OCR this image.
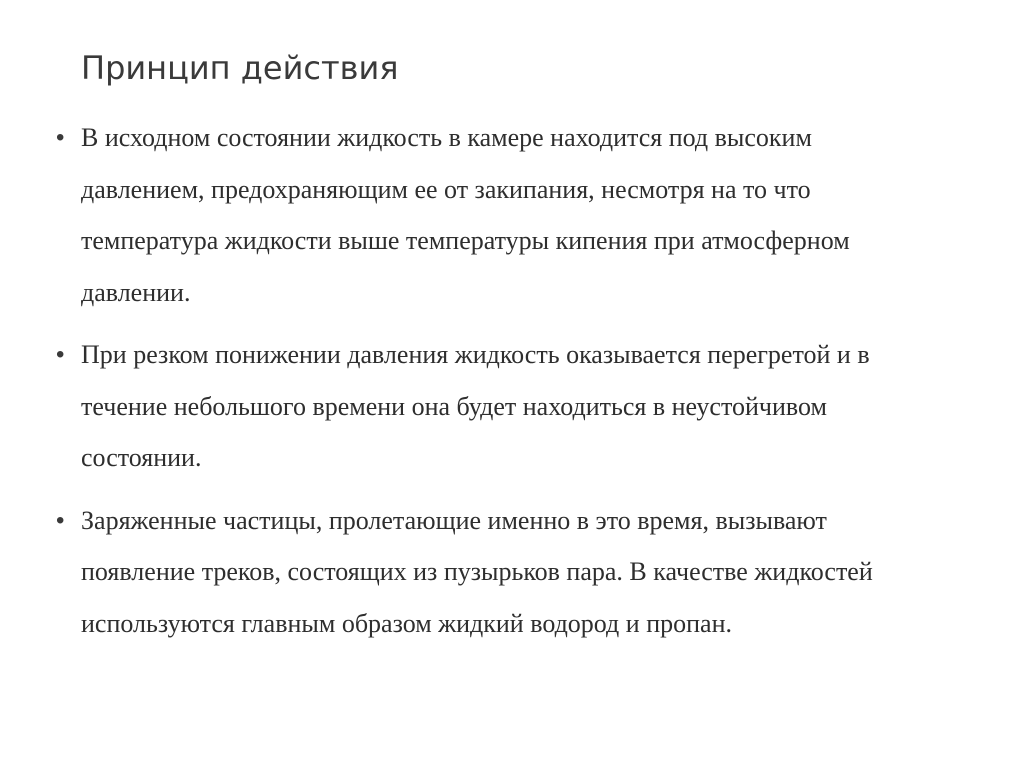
Принцип действия
• В исходном состоянии жидкость в камере находится под высоким давлением, предохраняющим ее от закипания, несмотря на то что температура жидкости выше температуры кипения при атмосферном давлении.
• При резком понижении давления жидкость оказывается перегретой и в течение небольшого времени она будет находиться в неустойчивом состоянии.
• Заряженные частицы, пролетающие именно в это время, вызывают появление треков, состоящих из пузырьков пара. В качестве жидкостей используются главным образом жидкий водород и пропан.
